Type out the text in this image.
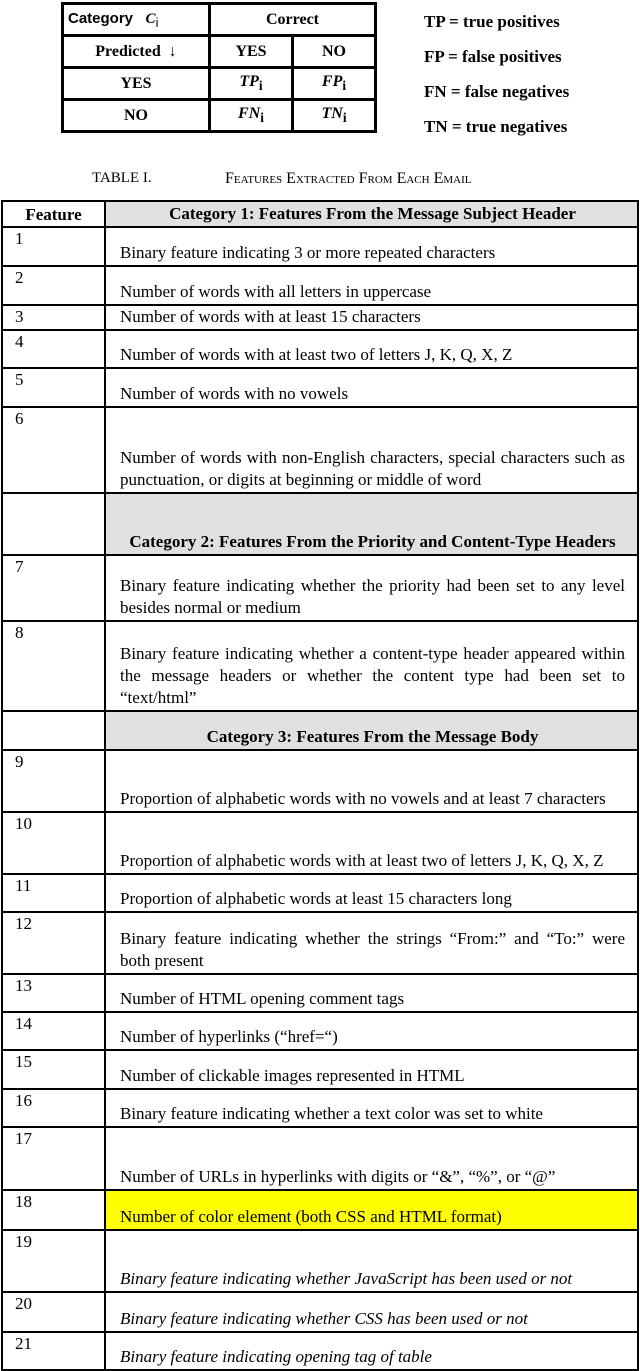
Category $C_i$	Correct	
Predicted ↓	YES	NO
YES	$TP_i$	$FP_i$
NO	$FN_i$	$TN_i$
TP = true positives
FP = false positives
FN = false negatives
TN = true negatives
TABLE I.	Features Extracted From Each Email
Feature	Category 1: Features From the Message Subject Header
1	Binary feature indicating 3 or more repeated characters
2	Number of words with all letters in uppercase
3	Number of words with at least 15 characters
4	Number of words with at least two of letters J, K, Q, X, Z
5	Number of words with no vowels
6	Number of words with non-English characters, special characters such as punctuation, or digits at beginning or middle of word
	Category 2: Features From the Priority and Content-Type Headers
7	Binary feature indicating whether the priority had been set to any level besides normal or medium
8	Binary feature indicating whether a content-type header appeared within the message headers or whether the content type had been set to “text/html”
	Category 3: Features From the Message Body
9	Proportion of alphabetic words with no vowels and at least 7 characters
10	Proportion of alphabetic words with at least two of letters J, K, Q, X, Z
11	Proportion of alphabetic words at least 15 characters long
12	Binary feature indicating whether the strings “From:” and “To:” were both present
13	Number of HTML opening comment tags
14	Number of hyperlinks (“href=“)
15	Number of clickable images represented in HTML
16	Binary feature indicating whether a text color was set to white
17	Number of URLs in hyperlinks with digits or “&”, “%”, or “@”
18	Number of color element (both CSS and HTML format)
19	Binary feature indicating whether JavaScript has been used or not
20	Binary feature indicating whether CSS has been used or not
21	Binary feature indicating opening tag of table
